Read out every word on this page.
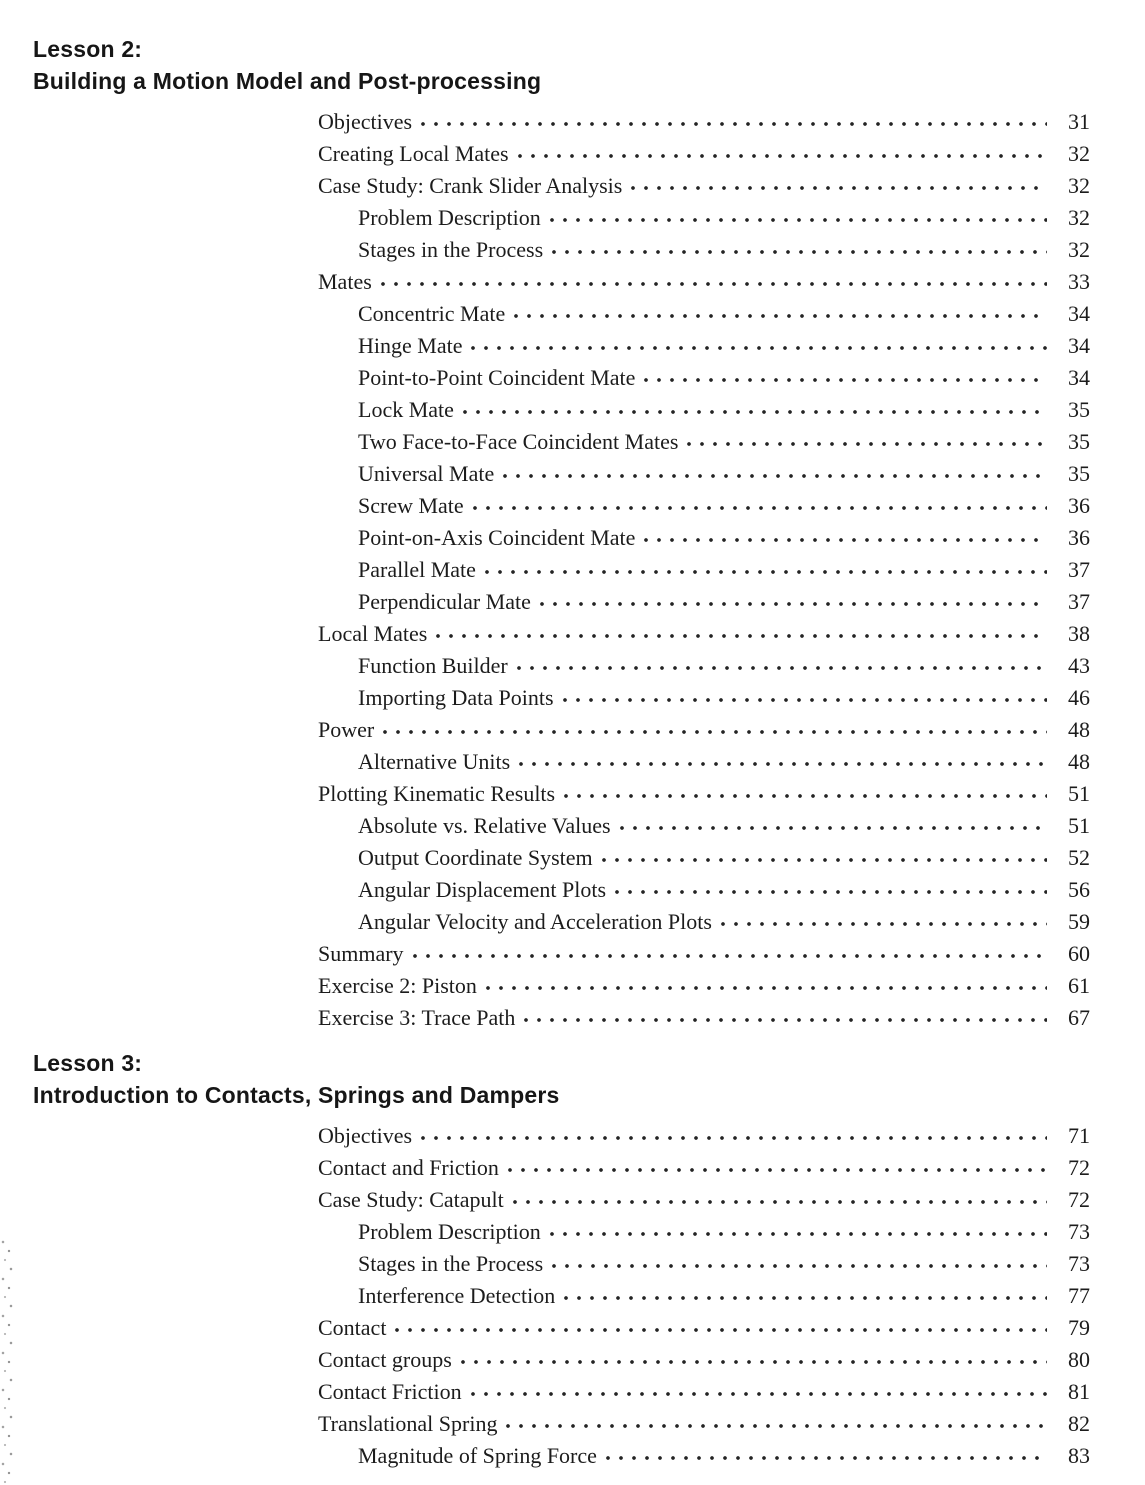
Lesson 2:
Building a Motion Model and Post-processing
Objectives	31
Creating Local Mates	32
Case Study: Crank Slider Analysis	32
Problem Description	32
Stages in the Process	32
Mates	33
Concentric Mate	34
Hinge Mate	34
Point-to-Point Coincident Mate	34
Lock Mate	35
Two Face-to-Face Coincident Mates	35
Universal Mate	35
Screw Mate	36
Point-on-Axis Coincident Mate	36
Parallel Mate	37
Perpendicular Mate	37
Local Mates	38
Function Builder	43
Importing Data Points	46
Power	48
Alternative Units	48
Plotting Kinematic Results	51
Absolute vs. Relative Values	51
Output Coordinate System	52
Angular Displacement Plots	56
Angular Velocity and Acceleration Plots	59
Summary	60
Exercise 2: Piston	61
Exercise 3: Trace Path	67
Lesson 3:
Introduction to Contacts, Springs and Dampers
Objectives	71
Contact and Friction	72
Case Study: Catapult	72
Problem Description	73
Stages in the Process	73
Interference Detection	77
Contact	79
Contact groups	80
Contact Friction	81
Translational Spring	82
Magnitude of Spring Force	83
